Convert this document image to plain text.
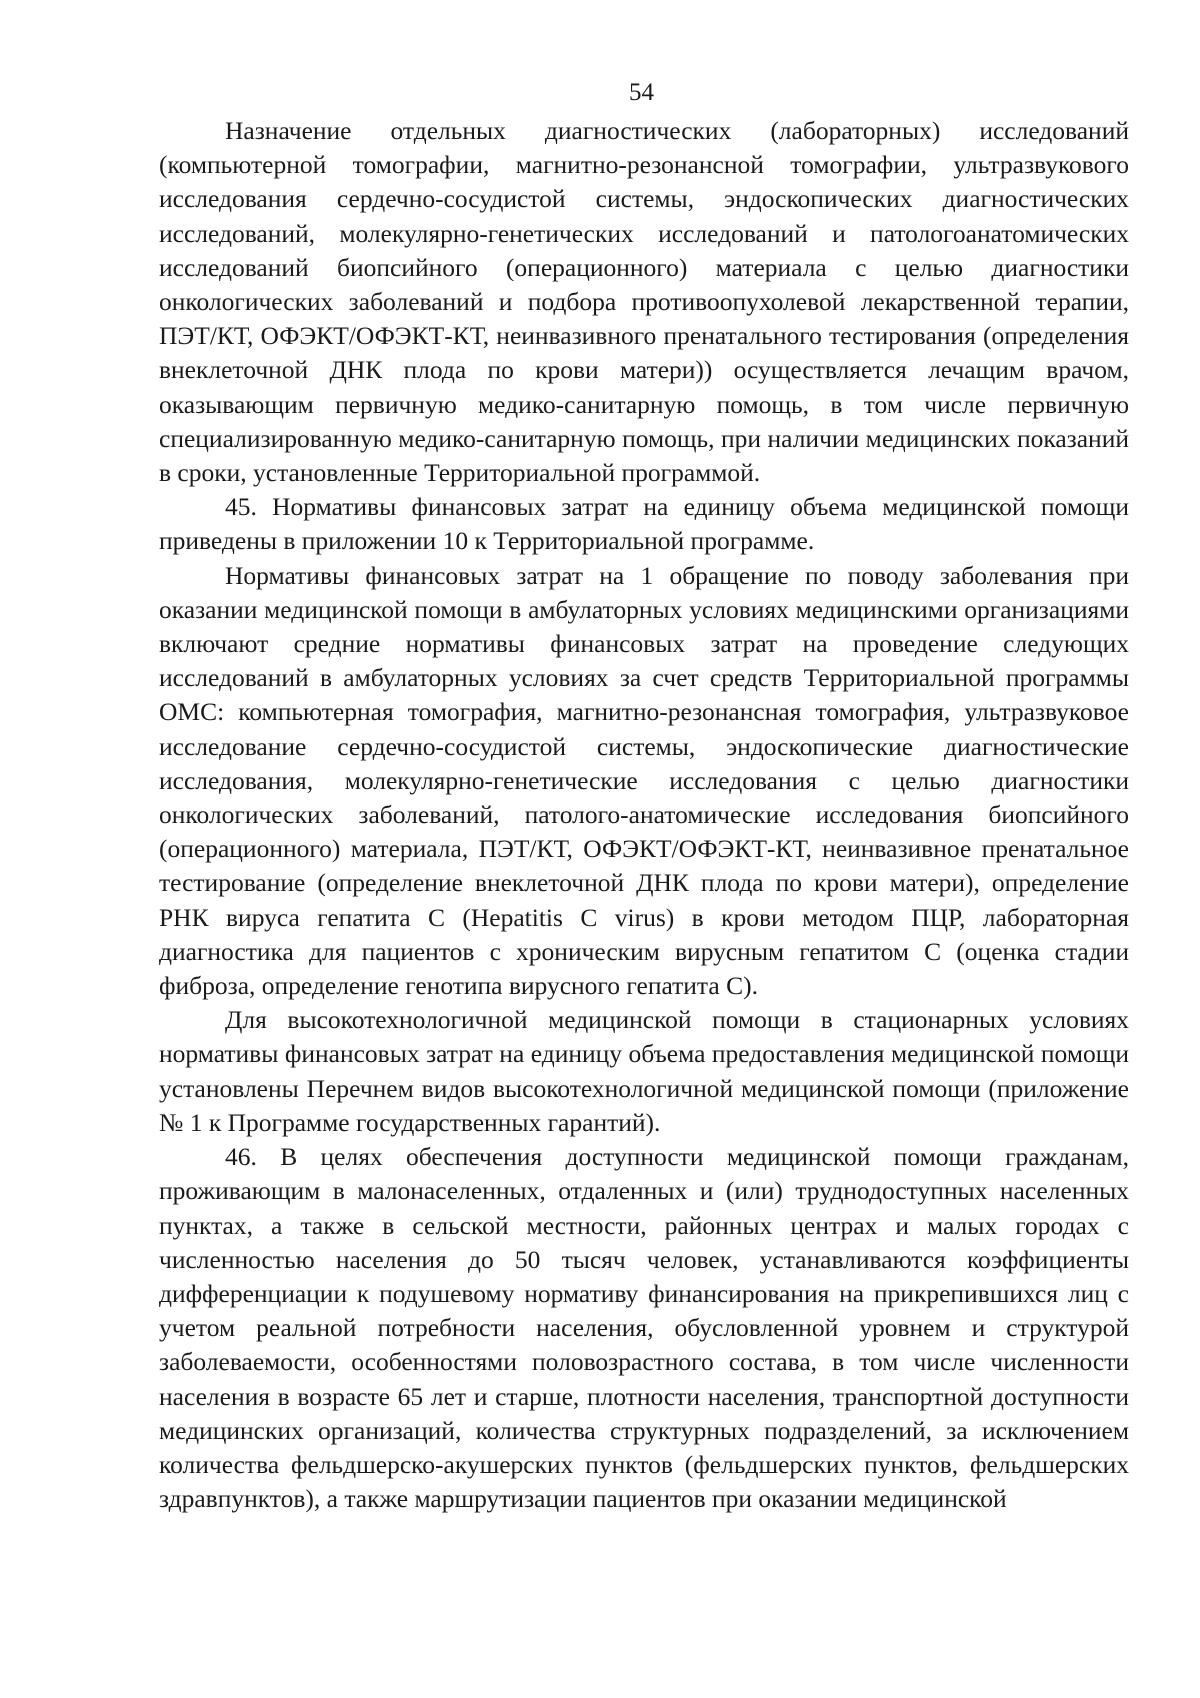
54

Назначение отдельных диагностических (лабораторных) исследований (компьютерной томографии, магнитно-резонансной томографии, ультразвукового исследования сердечно-сосудистой системы, эндоскопических диагностических исследований, молекулярно-генетических исследований и патологоанатомических исследований биопсийного (операционного) материала с целью диагностики онкологических заболеваний и подбора противоопухолевой лекарственной терапии, ПЭТ/КТ, ОФЭКТ/ОФЭКТ-КТ, неинвазивного пренатального тестирования (определения внеклеточной ДНК плода по крови матери)) осуществляется лечащим врачом, оказывающим первичную медико-санитарную помощь, в том числе первичную специализированную медико-санитарную помощь, при наличии медицинских показаний в сроки, установленные Территориальной программой.

45. Нормативы финансовых затрат на единицу объема медицинской помощи приведены в приложении 10 к Территориальной программе.

Нормативы финансовых затрат на 1 обращение по поводу заболевания при оказании медицинской помощи в амбулаторных условиях медицинскими организациями включают средние нормативы финансовых затрат на проведение следующих исследований в амбулаторных условиях за счет средств Территориальной программы ОМС: компьютерная томография, магнитно-резонансная томография, ультразвуковое исследование сердечно-сосудистой системы, эндоскопические диагностические исследования, молекулярно-генетические исследования с целью диагностики онкологических заболеваний, патолого-анатомические исследования биопсийного (операционного) материала, ПЭТ/КТ, ОФЭКТ/ОФЭКТ-КТ, неинвазивное пренатальное тестирование (определение внеклеточной ДНК плода по крови матери), определение РНК вируса гепатита С (Hepatitis С virus) в крови методом ПЦР, лабораторная диагностика для пациентов с хроническим вирусным гепатитом С (оценка стадии фиброза, определение генотипа вирусного гепатита С).

Для высокотехнологичной медицинской помощи в стационарных условиях нормативы финансовых затрат на единицу объема предоставления медицинской помощи установлены Перечнем видов высокотехнологичной медицинской помощи (приложение № 1 к Программе государственных гарантий).

46. В целях обеспечения доступности медицинской помощи гражданам, проживающим в малонаселенных, отдаленных и (или) труднодоступных населенных пунктах, а также в сельской местности, районных центрах и малых городах с численностью населения до 50 тысяч человек, устанавливаются коэффициенты дифференциации к подушевому нормативу финансирования на прикрепившихся лиц с учетом реальной потребности населения, обусловленной уровнем и структурой заболеваемости, особенностями половозрастного состава, в том числе численности населения в возрасте 65 лет и старше, плотности населения, транспортной доступности медицинских организаций, количества структурных подразделений, за исключением количества фельдшерско-акушерских пунктов (фельдшерских пунктов, фельдшерских здравпунктов), а также маршрутизации пациентов при оказании медицинской
